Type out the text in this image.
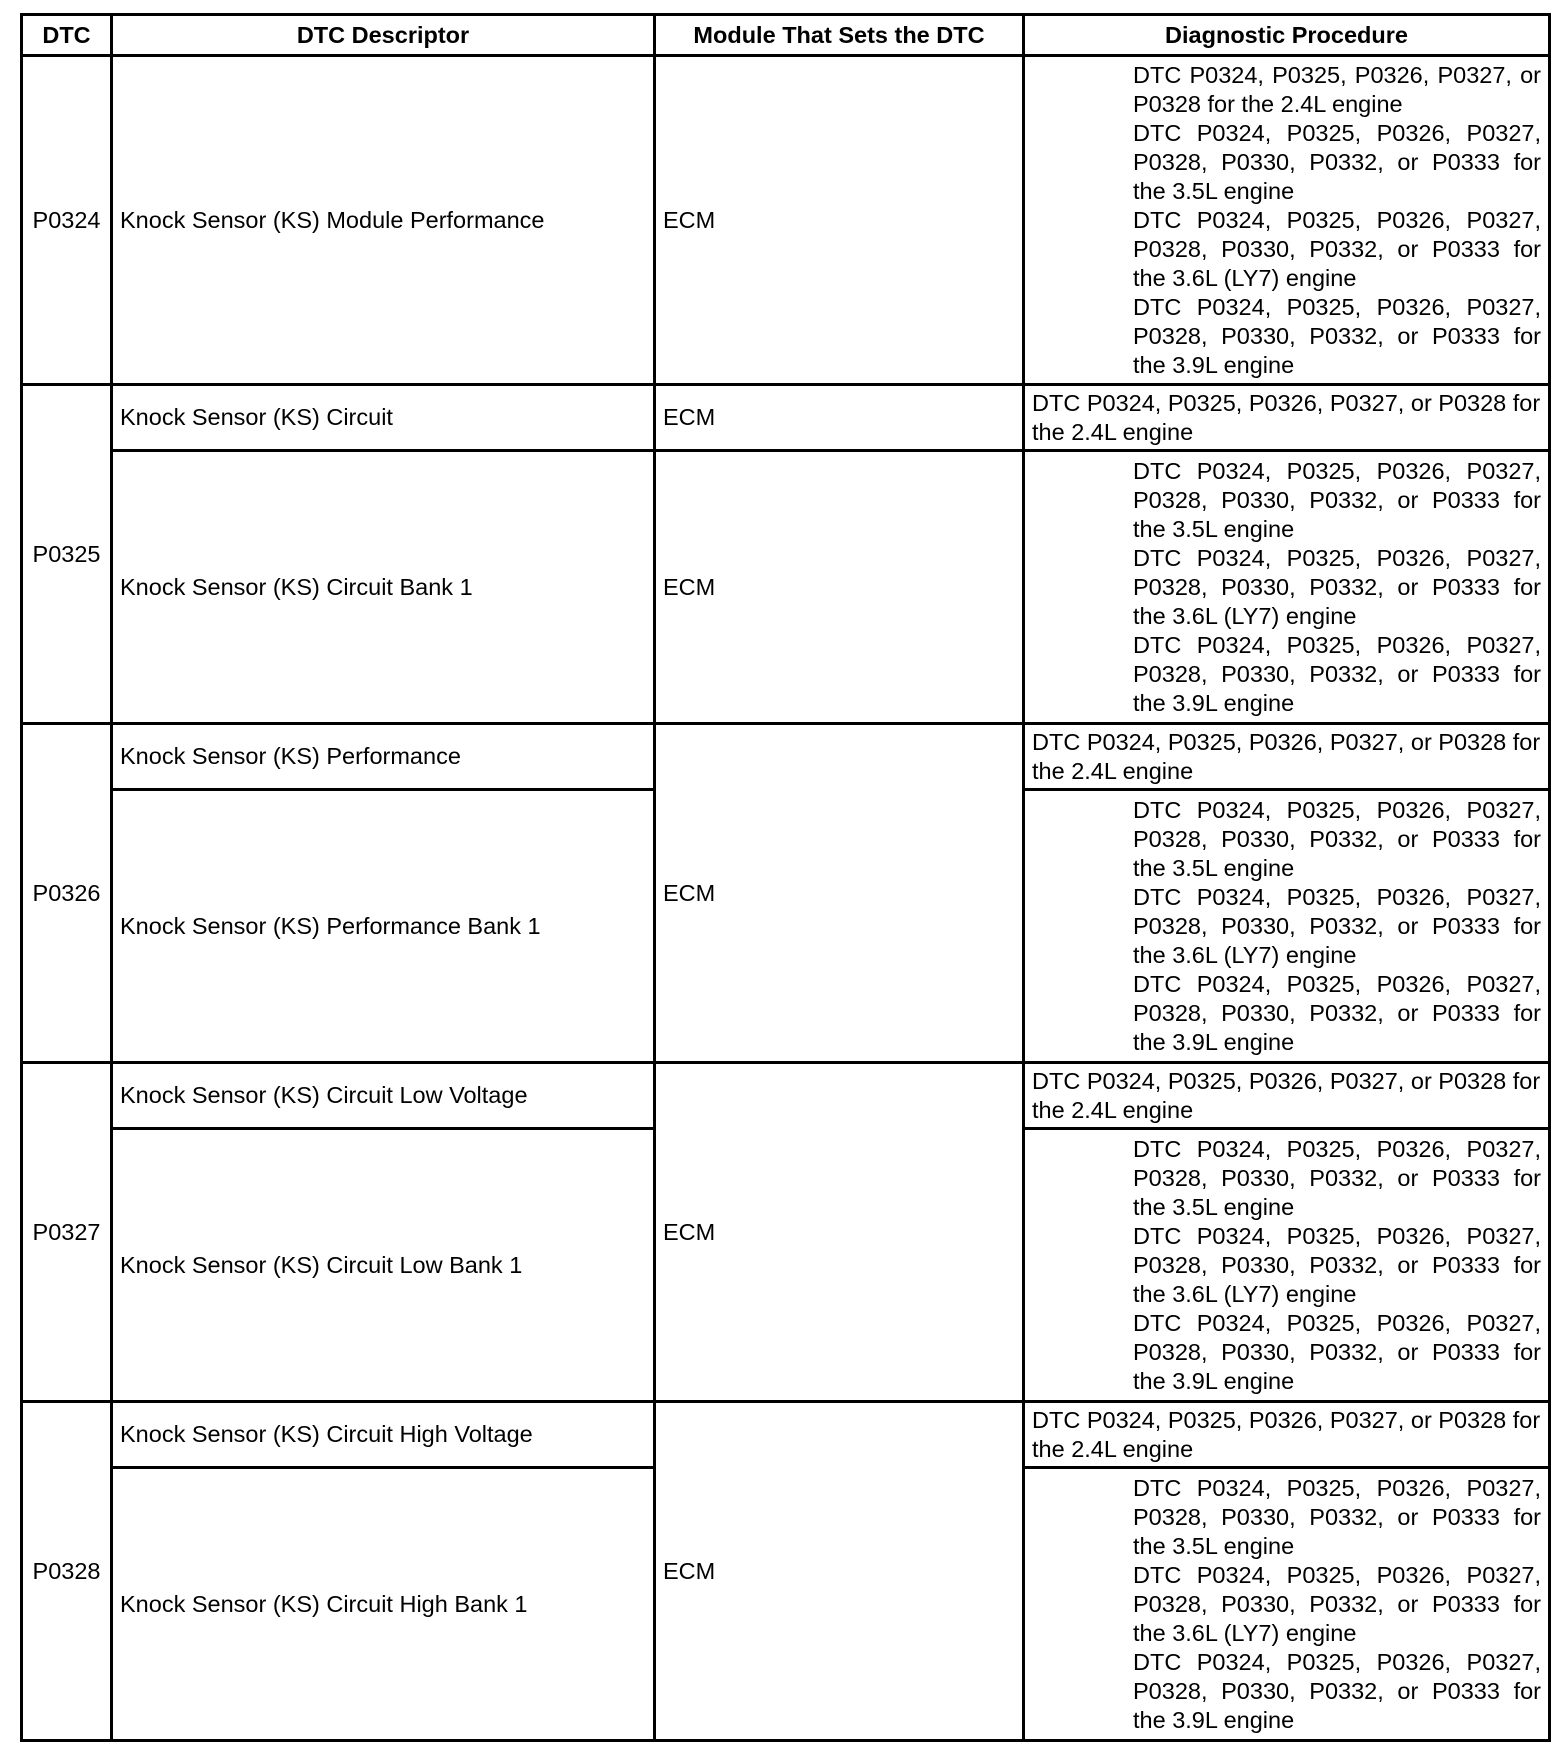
DTC	DTC Descriptor	Module That Sets the DTC	Diagnostic Procedure
P0324	Knock Sensor (KS) Module Performance	ECM	DTC P0324, P0325, P0326, P0327, or P0328 for the 2.4L engine
DTC P0324, P0325, P0326, P0327, P0328, P0330, P0332, or P0333 for the 3.5L engine
DTC P0324, P0325, P0326, P0327, P0328, P0330, P0332, or P0333 for the 3.6L (LY7) engine
DTC P0324, P0325, P0326, P0327, P0328, P0330, P0332, or P0333 for the 3.9L engine

P0325	Knock Sensor (KS) Circuit	ECM	DTC P0324, P0325, P0326, P0327, or P0328 for the 2.4L engine
	Knock Sensor (KS) Circuit Bank 1	ECM	DTC P0324, P0325, P0326, P0327, P0328, P0330, P0332, or P0333 for the 3.5L engine
DTC P0324, P0325, P0326, P0327, P0328, P0330, P0332, or P0333 for the 3.6L (LY7) engine
DTC P0324, P0325, P0326, P0327, P0328, P0330, P0332, or P0333 for the 3.9L engine

P0326	Knock Sensor (KS) Performance	ECM	DTC P0324, P0325, P0326, P0327, or P0328 for the 2.4L engine
	Knock Sensor (KS) Performance Bank 1		DTC P0324, P0325, P0326, P0327, P0328, P0330, P0332, or P0333 for the 3.5L engine
DTC P0324, P0325, P0326, P0327, P0328, P0330, P0332, or P0333 for the 3.6L (LY7) engine
DTC P0324, P0325, P0326, P0327, P0328, P0330, P0332, or P0333 for the 3.9L engine

P0327	Knock Sensor (KS) Circuit Low Voltage	ECM	DTC P0324, P0325, P0326, P0327, or P0328 for the 2.4L engine
	Knock Sensor (KS) Circuit Low Bank 1		DTC P0324, P0325, P0326, P0327, P0328, P0330, P0332, or P0333 for the 3.5L engine
DTC P0324, P0325, P0326, P0327, P0328, P0330, P0332, or P0333 for the 3.6L (LY7) engine
DTC P0324, P0325, P0326, P0327, P0328, P0330, P0332, or P0333 for the 3.9L engine

P0328	Knock Sensor (KS) Circuit High Voltage	ECM	DTC P0324, P0325, P0326, P0327, or P0328 for the 2.4L engine
	Knock Sensor (KS) Circuit High Bank 1		DTC P0324, P0325, P0326, P0327, P0328, P0330, P0332, or P0333 for the 3.5L engine
DTC P0324, P0325, P0326, P0327, P0328, P0330, P0332, or P0333 for the 3.6L (LY7) engine
DTC P0324, P0325, P0326, P0327, P0328, P0330, P0332, or P0333 for the 3.9L engine
